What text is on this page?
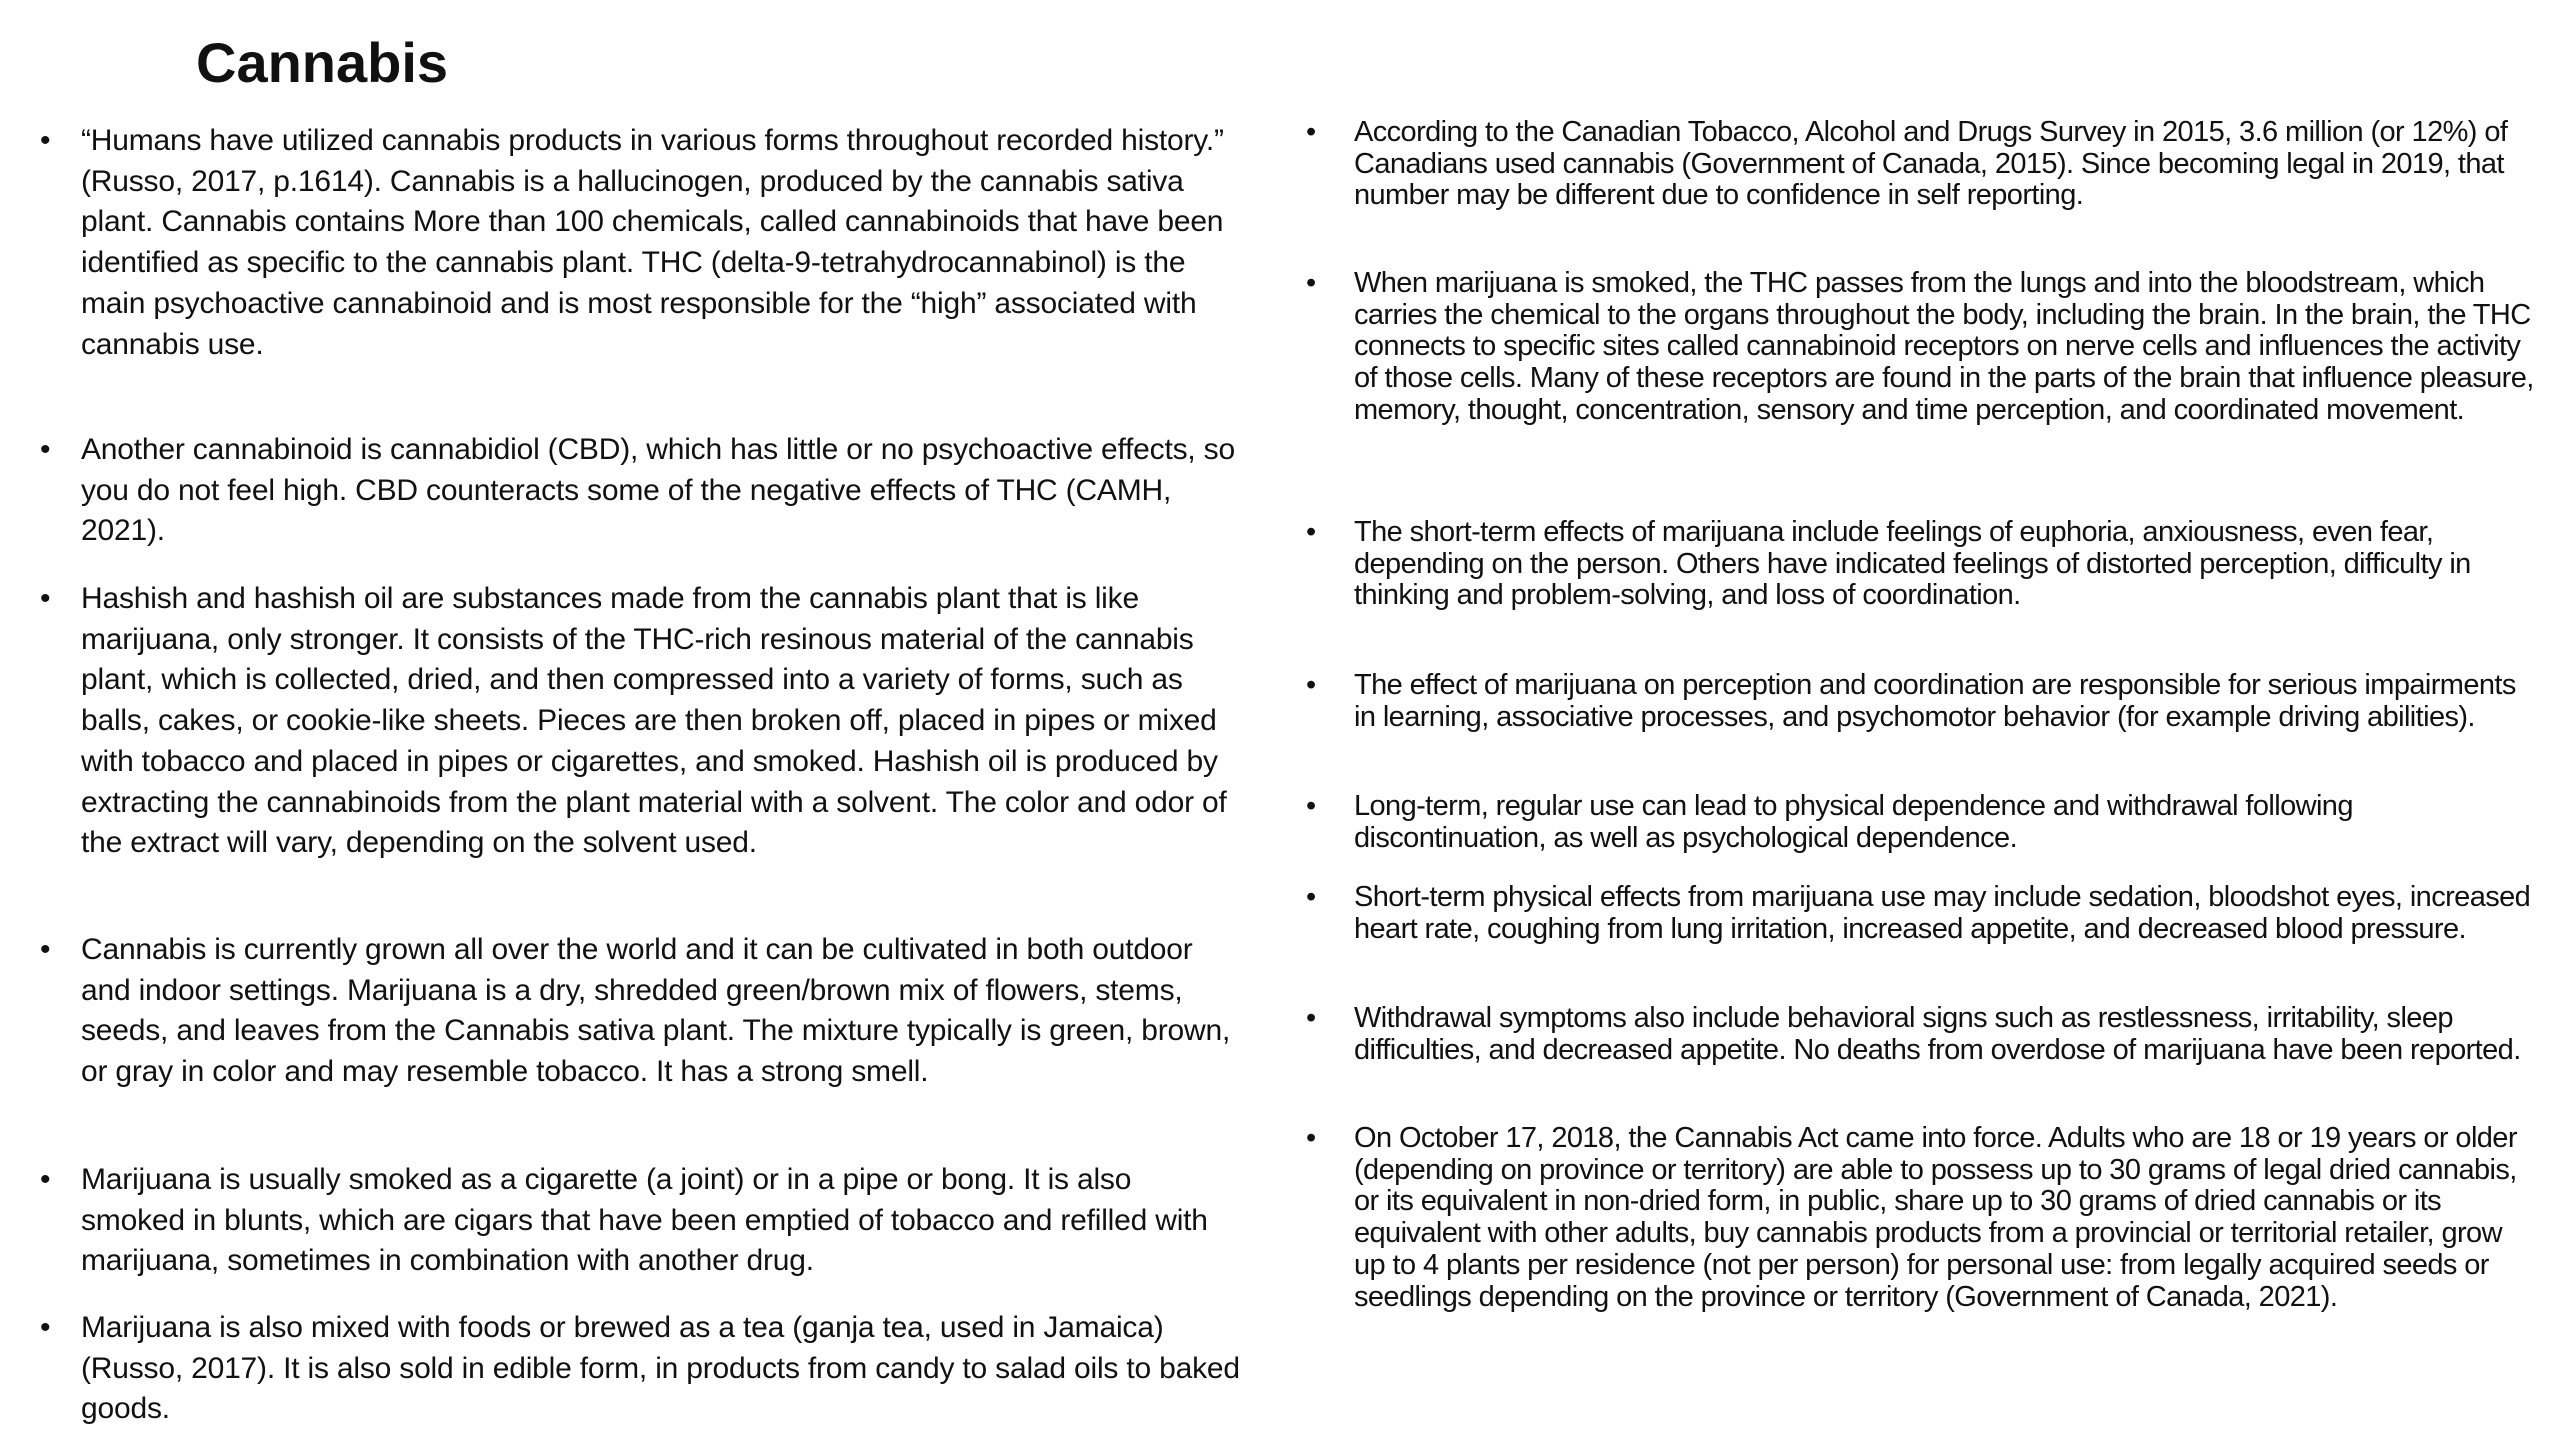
Cannabis
•	“Humans have utilized cannabis products in various forms throughout recorded history.” (Russo, 2017, p.1614). Cannabis is a hallucinogen, produced by the cannabis sativa plant. Cannabis contains More than 100 chemicals, called cannabinoids that have been identified as specific to the cannabis plant. THC (delta-9-tetrahydrocannabinol) is the main psychoactive cannabinoid and is most responsible for the “high” associated with cannabis use.
•	Another cannabinoid is cannabidiol (CBD), which has little or no psychoactive effects, so you do not feel high. CBD counteracts some of the negative effects of THC (CAMH, 2021).
•	Hashish and hashish oil are substances made from the cannabis plant that is like marijuana, only stronger. It consists of the THC-rich resinous material of the cannabis plant, which is collected, dried, and then compressed into a variety of forms, such as balls, cakes, or cookie-like sheets. Pieces are then broken off, placed in pipes or mixed with tobacco and placed in pipes or cigarettes, and smoked. Hashish oil is produced by extracting the cannabinoids from the plant material with a solvent. The color and odor of the extract will vary, depending on the solvent used.
•	Cannabis is currently grown all over the world and it can be cultivated in both outdoor and indoor settings. Marijuana is a dry, shredded green/brown mix of flowers, stems, seeds, and leaves from the Cannabis sativa plant. The mixture typically is green, brown, or gray in color and may resemble tobacco. It has a strong smell.
•	Marijuana is usually smoked as a cigarette (a joint) or in a pipe or bong. It is also smoked in blunts, which are cigars that have been emptied of tobacco and refilled with marijuana, sometimes in combination with another drug.
•	Marijuana is also mixed with foods or brewed as a tea (ganja tea, used in Jamaica) (Russo, 2017). It is also sold in edible form, in products from candy to salad oils to baked goods.
•	According to the Canadian Tobacco, Alcohol and Drugs Survey in 2015, 3.6 million (or 12%) of Canadians used cannabis (Government of Canada, 2015). Since becoming legal in 2019, that number may be different due to confidence in self reporting.
•	When marijuana is smoked, the THC passes from the lungs and into the bloodstream, which carries the chemical to the organs throughout the body, including the brain. In the brain, the THC connects to specific sites called cannabinoid receptors on nerve cells and influences the activity of those cells. Many of these receptors are found in the parts of the brain that influence pleasure, memory, thought, concentration, sensory and time perception, and coordinated movement.
•	The short-term effects of marijuana include feelings of euphoria, anxiousness, even fear, depending on the person. Others have indicated feelings of distorted perception, difficulty in thinking and problem-solving, and loss of coordination.
•	The effect of marijuana on perception and coordination are responsible for serious impairments in learning, associative processes, and psychomotor behavior (for example driving abilities).
•	Long-term, regular use can lead to physical dependence and withdrawal following discontinuation, as well as psychological dependence.
•	Short-term physical effects from marijuana use may include sedation, bloodshot eyes, increased heart rate, coughing from lung irritation, increased appetite, and decreased blood pressure.
•	Withdrawal symptoms also include behavioral signs such as restlessness, irritability, sleep difficulties, and decreased appetite. No deaths from overdose of marijuana have been reported.
•	On October 17, 2018, the Cannabis Act came into force. Adults who are 18 or 19 years or older (depending on province or territory) are able to possess up to 30 grams of legal dried cannabis, or its equivalent in non-dried form, in public, share up to 30 grams of dried cannabis or its equivalent with other adults, buy cannabis products from a provincial or territorial retailer, grow up to 4 plants per residence (not per person) for personal use: from legally acquired seeds or seedlings depending on the province or territory (Government of Canada, 2021).
